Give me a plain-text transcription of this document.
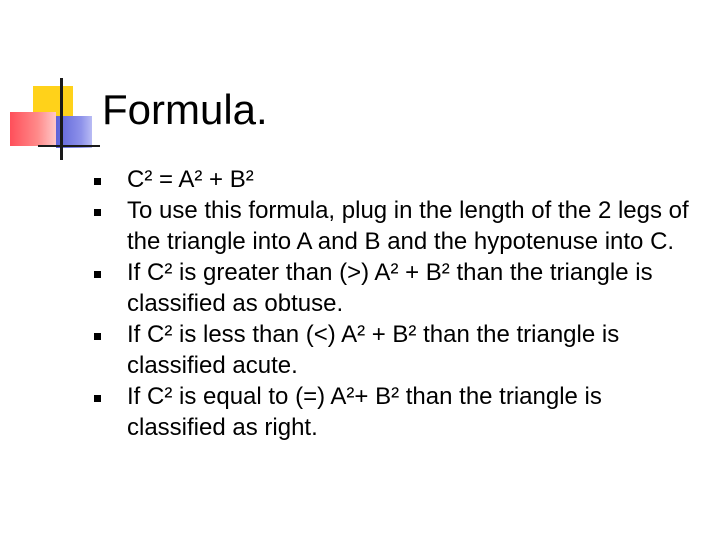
Formula.
C² = A² + B²
To use this formula, plug in the length of the 2 legs of the triangle into A and B and the hypotenuse into C.
If C² is greater than (>) A² + B² than the triangle is classified as obtuse.
If C² is less than (<) A² + B² than the triangle is classified acute.
If C² is equal to (=) A²+ B² than the triangle is classified as right.
